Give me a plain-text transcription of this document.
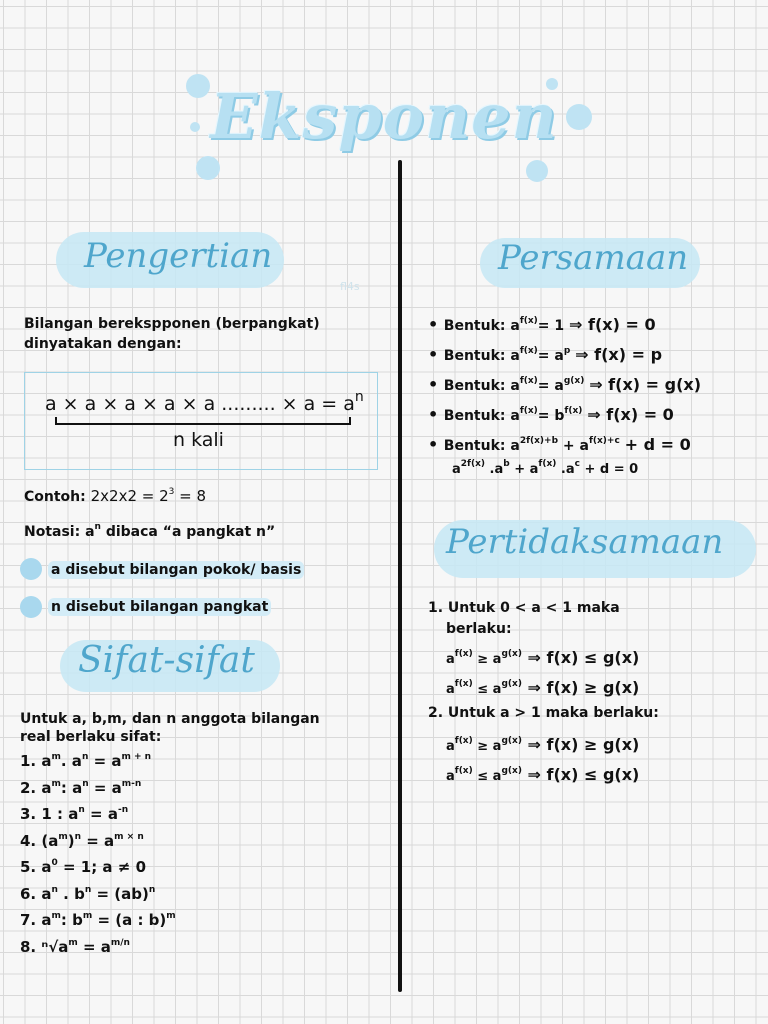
Eksponen
Pengertian
fl4s
Bilangan berekspponen (berpangkat)
dinyatakan dengan:
a × a × a × a × a ......... × $a = a^n$
n kali
Contoh: $2x2x2 = 2^3 = 8$
Notasi: $a^n$ dibaca “a pangkat n”
a disebut bilangan pokok/ basis
n disebut bilangan pangkat
Sifat-sifat
Untuk a, b,m, dan n anggota bilangan
real berlaku sifat:
1. $a^m$. $a^n = a^{m + n}$
2. $a^m$: $a^n = a^{m-n}$
3. 1 : $a^n = a^{-n}$
4. $(a^m)^n = a^{m \times n}$
5. $a^0 = 1$; a ≠ 0
6. $a^n$ . $b^n = (ab)^n$
7. $a^m$: $b^m = (a$ : b)$^m$
8. $^n√a^m = a^{m/n}$
Persamaan
• Bentuk: $a^{f(x)}= 1$ ⇒ f(x) = 0
• Bentuk: $a^{f(x)}= a^p$ ⇒ f(x) = p
• Bentuk: $a^{f(x)}= a^{g(x)}$ ⇒ f(x) = g(x)
• Bentuk: $a^{f(x)}= b^{f(x)}$ ⇒ f(x) = 0
• Bentuk: $a^{2f(x)+b} + a^{f(x)+c} + d = 0$
$a^{2f(x)}$ $.a^b + a^{f(x)}$ $.a^c + d = 0$
Pertidaksamaan
1. Untuk 0 < a < 1 maka
berlaku:
$a^{f(x)} \ge a^{g(x)}$ ⇒ f(x) ≤ g(x)
$a^{f(x)} \le a^{g(x)}$ ⇒ f(x) ≥ g(x)
2. Untuk a > 1 maka berlaku:
$a^{f(x)} \ge a^{g(x)}$ ⇒ f(x) ≥ g(x)
$a^{f(x)} \le a^{g(x)}$ ⇒ f(x) ≤ g(x)
